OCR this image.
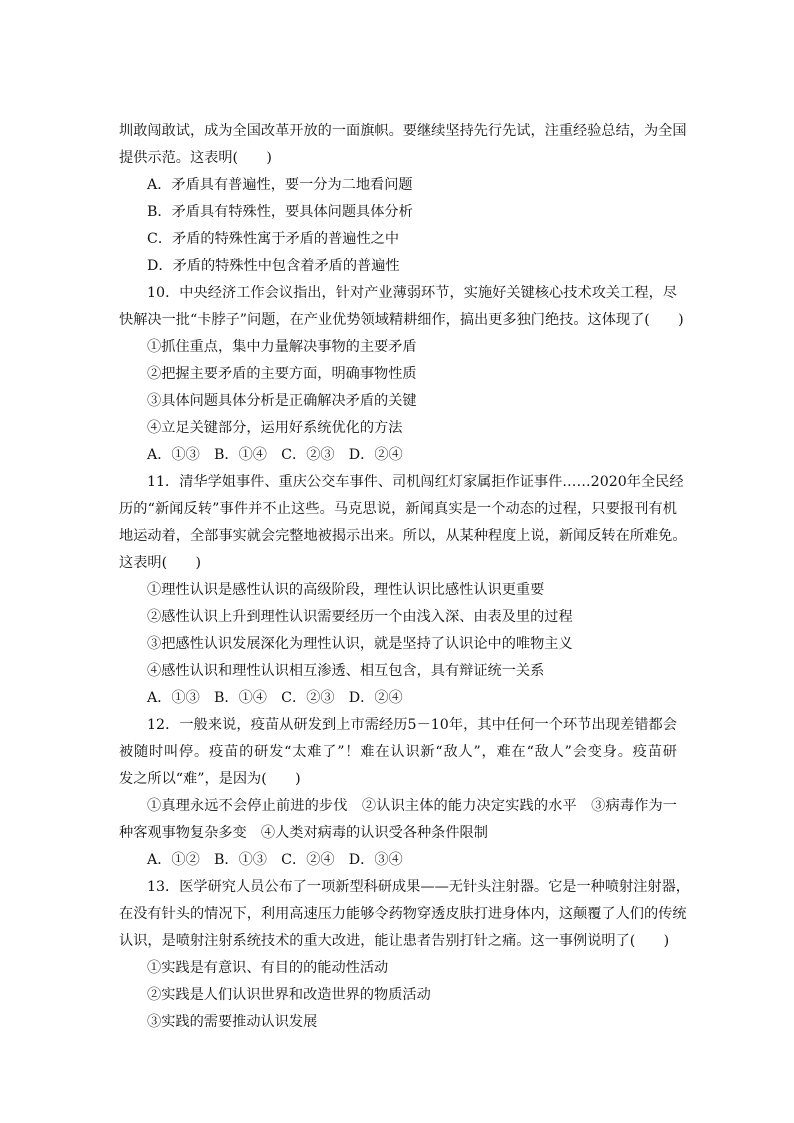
圳敢闯敢试，成为全国改革开放的一面旗帜。要继续坚持先行先试，注重经验总结，为全国
提供示范。这表明(　　)
A．矛盾具有普遍性，要一分为二地看问题
B．矛盾具有特殊性，要具体问题具体分析
C．矛盾的特殊性寓于矛盾的普遍性之中
D．矛盾的特殊性中包含着矛盾的普遍性
10．中央经济工作会议指出，针对产业薄弱环节，实施好关键核心技术攻关工程，尽
快解决一批“卡脖子”问题，在产业优势领域精耕细作，搞出更多独门绝技。这体现了(　　)
①抓住重点，集中力量解决事物的主要矛盾
②把握主要矛盾的主要方面，明确事物性质
③具体问题具体分析是正确解决矛盾的关键
④立足关键部分，运用好系统优化的方法
A．①③　B．①④　C．②③　D．②④
11．清华学姐事件、重庆公交车事件、司机闯红灯家属拒作证事件……2020年全民经
历的“新闻反转”事件并不止这些。马克思说，新闻真实是一个动态的过程，只要报刊有机
地运动着，全部事实就会完整地被揭示出来。所以，从某种程度上说，新闻反转在所难免。
这表明(　　)
①理性认识是感性认识的高级阶段，理性认识比感性认识更重要
②感性认识上升到理性认识需要经历一个由浅入深、由表及里的过程
③把感性认识发展深化为理性认识，就是坚持了认识论中的唯物主义
④感性认识和理性认识相互渗透、相互包含，具有辩证统一关系
A．①③　B．①④　C．②③　D．②④
12．一般来说，疫苗从研发到上市需经历5－10年，其中任何一个环节出现差错都会
被随时叫停。疫苗的研发“太难了”！难在认识新“敌人”，难在“敌人”会变身。疫苗研
发之所以“难”，是因为(　　)
①真理永远不会停止前进的步伐　②认识主体的能力决定实践的水平　③病毒作为一
种客观事物复杂多变　④人类对病毒的认识受各种条件限制
A．①②　B．①③　C．②④　D．③④
13．医学研究人员公布了一项新型科研成果——无针头注射器。它是一种喷射注射器，
在没有针头的情况下，利用高速压力能够令药物穿透皮肤打进身体内，这颠覆了人们的传统
认识，是喷射注射系统技术的重大改进，能让患者告别打针之痛。这一事例说明了(　　)
①实践是有意识、有目的的能动性活动
②实践是人们认识世界和改造世界的物质活动
③实践的需要推动认识发展
